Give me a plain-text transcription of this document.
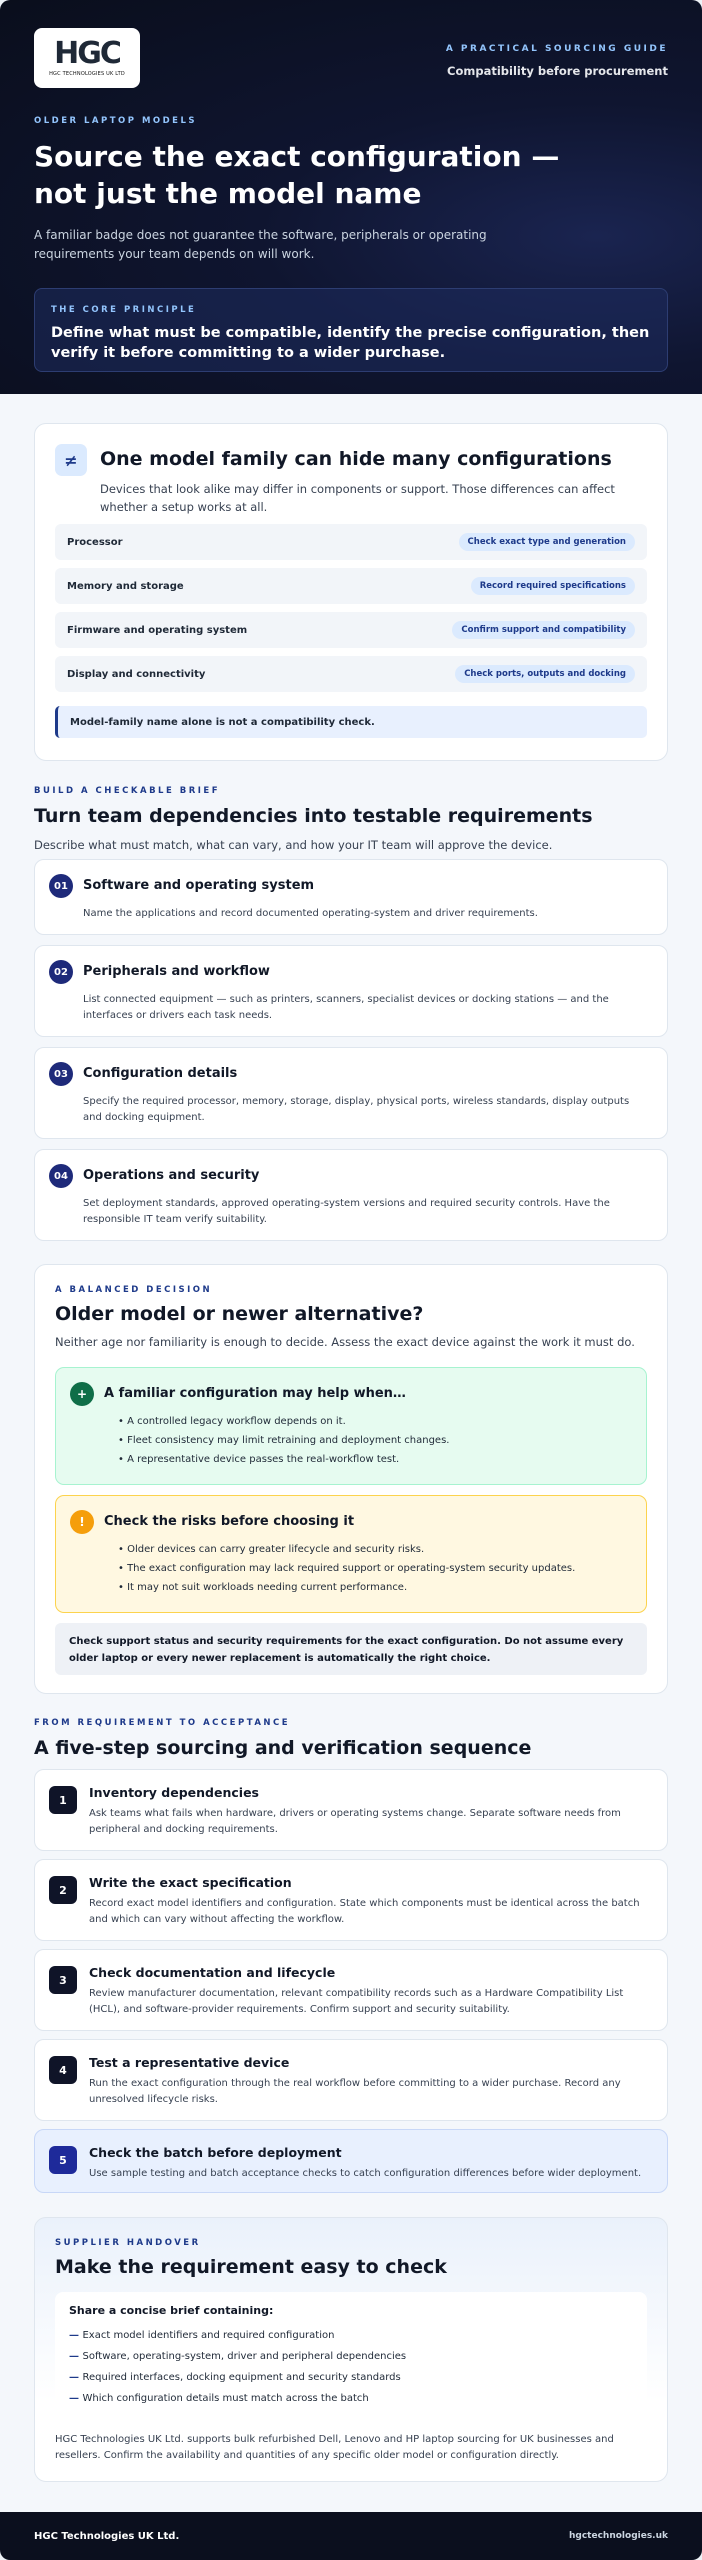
HGC
HGC TECHNOLOGIES UK LTD
A PRACTICAL SOURCING GUIDE
Compatibility before procurement
OLDER LAPTOP MODELS
Source the exact configuration — not just the model name

A familiar badge does not guarantee the software, peripherals or operating requirements your team depends on will work.

THE CORE PRINCIPLE
Define what must be compatible, identify the precise configuration, then verify it before committing to a wider purchase.
≠	One model family can hide many configurations

Devices that look alike may differ in components or support. Those differences can affect whether a setup works at all.

Processor	Check exact type and generation
Memory and storage	Record required specifications
Firmware and operating system	Confirm support and compatibility
Display and connectivity	Check ports, outputs and docking
Model-family name alone is not a compatibility check.
BUILD A CHECKABLE BRIEF
Turn team dependencies into testable requirements

Describe what must match, what can vary, and how your IT team will approve the device.

01	Software and operating system

Name the applications and record documented operating-system and driver requirements.

02	Peripherals and workflow

List connected equipment — such as printers, scanners, specialist devices or docking stations — and the interfaces or drivers each task needs.

03	Configuration details

Specify the required processor, memory, storage, display, physical ports, wireless standards, display outputs and docking equipment.

04	Operations and security

Set deployment standards, approved operating-system versions and required security controls. Have the responsible IT team verify suitability.

A BALANCED DECISION
Older model or newer alternative?

Neither age nor familiarity is enough to decide. Assess the exact device against the work it must do.

+	A familiar configuration may help when…
• A controlled legacy workflow depends on it.
• Fleet consistency may limit retraining and deployment changes.
• A representative device passes the real-workflow test.
!	Check the risks before choosing it
• Older devices can carry greater lifecycle and security risks.
• The exact configuration may lack required support or operating-system security updates.
• It may not suit workloads needing current performance.
Check support status and security requirements for the exact configuration. Do not assume every older laptop or every newer replacement is automatically the right choice.
FROM REQUIREMENT TO ACCEPTANCE
A five-step sourcing and verification sequence
1	Inventory dependencies

Ask teams what fails when hardware, drivers or operating systems change. Separate software needs from peripheral and docking requirements.

2	Write the exact specification

Record exact model identifiers and configuration. State which components must be identical across the batch and which can vary without affecting the workflow.

3	Check documentation and lifecycle

Review manufacturer documentation, relevant compatibility records such as a Hardware Compatibility List (HCL), and software-provider requirements. Confirm support and security suitability.

4	Test a representative device

Run the exact configuration through the real workflow before committing to a wider purchase. Record any unresolved lifecycle risks.

5	Check the batch before deployment

Use sample testing and batch acceptance checks to catch configuration differences before wider deployment.

SUPPLIER HANDOVER
Make the requirement easy to check
Share a concise brief containing:
— Exact model identifiers and required configuration
— Software, operating-system, driver and peripheral dependencies
— Required interfaces, docking equipment and security standards
— Which configuration details must match across the batch

HGC Technologies UK Ltd. supports bulk refurbished Dell, Lenovo and HP laptop sourcing for UK businesses and resellers. Confirm the availability and quantities of any specific older model or configuration directly.

HGC Technologies UK Ltd.	hgctechnologies.uk
